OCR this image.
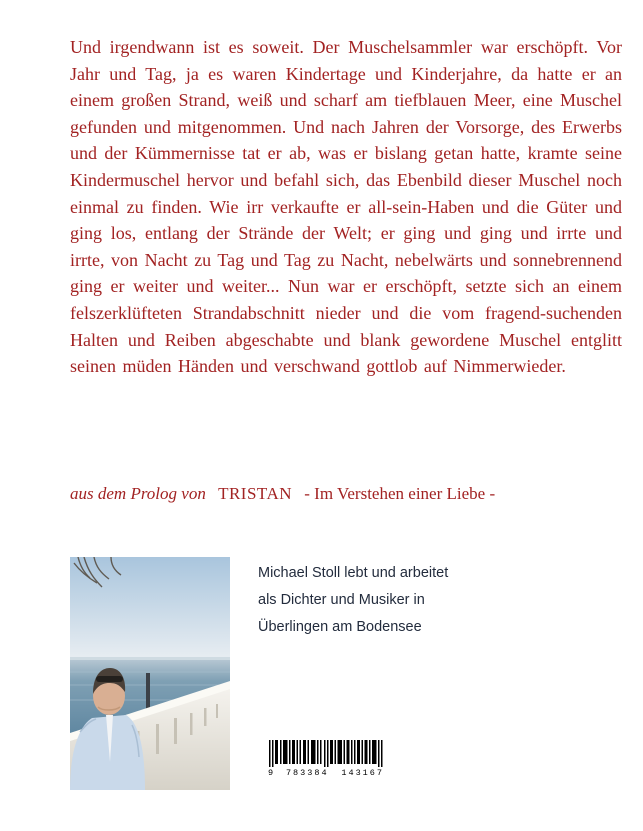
Und irgendwann ist es soweit. Der Muschelsammler war erschöpft. Vor Jahr und Tag, ja es waren Kindertage und Kinderjahre, da hatte er an einem großen Strand, weiß und scharf am tiefblauen Meer, eine Muschel gefunden und mitgenommen. Und nach Jahren der Vorsorge, des Erwerbs und der Kümmernisse tat er ab, was er bislang getan hatte, kramte seine Kindermuschel hervor und befahl sich, das Ebenbild dieser Muschel noch einmal zu finden. Wie irr verkaufte er all-sein-Haben und die Güter und ging los, entlang der Strände der Welt; er ging und ging und irrte und irrte, von Nacht zu Tag und Tag zu Nacht, nebelwärts und sonnebrennend ging er weiter und weiter... Nun war er erschöpft, setzte sich an einem felszerklüfteten Strandabschnitt nieder und die vom fragend-suchenden Halten und Reiben abgeschabte und blank gewordene Muschel entglitt seinen müden Händen und verschwand gottlob auf Nimmerwieder.

aus dem Prolog von TRISTAN - Im Verstehen einer Liebe -

Michael Stoll lebt und arbeitet
als Dichter und Musiker in
Überlingen am Bodensee
9 783384 143167
